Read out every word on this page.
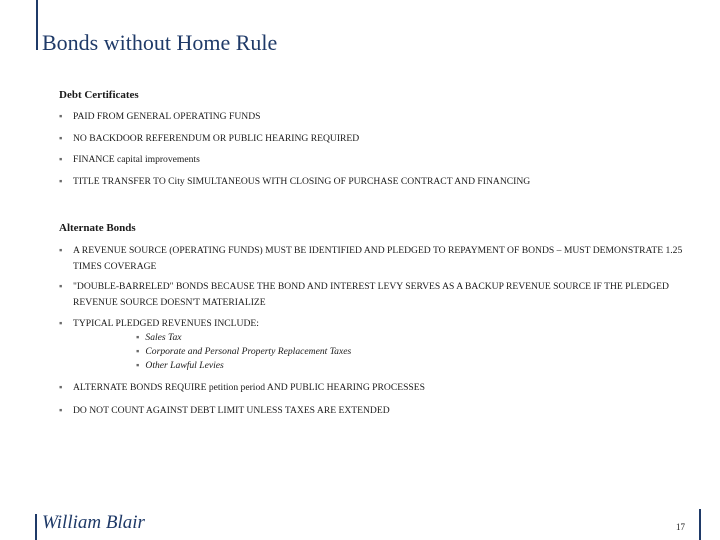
Bonds without Home Rule
Debt Certificates
▪	PAID FROM GENERAL OPERATING FUNDS
▪	NO BACKDOOR REFERENDUM OR PUBLIC HEARING REQUIRED
▪	FINANCE capital improvements
▪	TITLE TRANSFER TO City SIMULTANEOUS WITH CLOSING OF PURCHASE CONTRACT AND FINANCING
Alternate Bonds
▪	A REVENUE SOURCE (OPERATING FUNDS) MUST BE IDENTIFIED AND PLEDGED TO REPAYMENT OF BONDS – MUST DEMONSTRATE 1.25 TIMES COVERAGE
▪	"DOUBLE-BARRELED" BONDS BECAUSE THE BOND AND INTEREST LEVY SERVES AS A BACKUP REVENUE SOURCE IF THE PLEDGED REVENUE SOURCE DOESN'T MATERIALIZE
▪	TYPICAL PLEDGED REVENUES INCLUDE:
▪ Sales Tax
▪ Corporate and Personal Property Replacement Taxes
▪ Other Lawful Levies
▪	ALTERNATE BONDS REQUIRE petition period AND PUBLIC HEARING PROCESSES
▪	DO NOT COUNT AGAINST DEBT LIMIT UNLESS TAXES ARE EXTENDED
William Blair	17
